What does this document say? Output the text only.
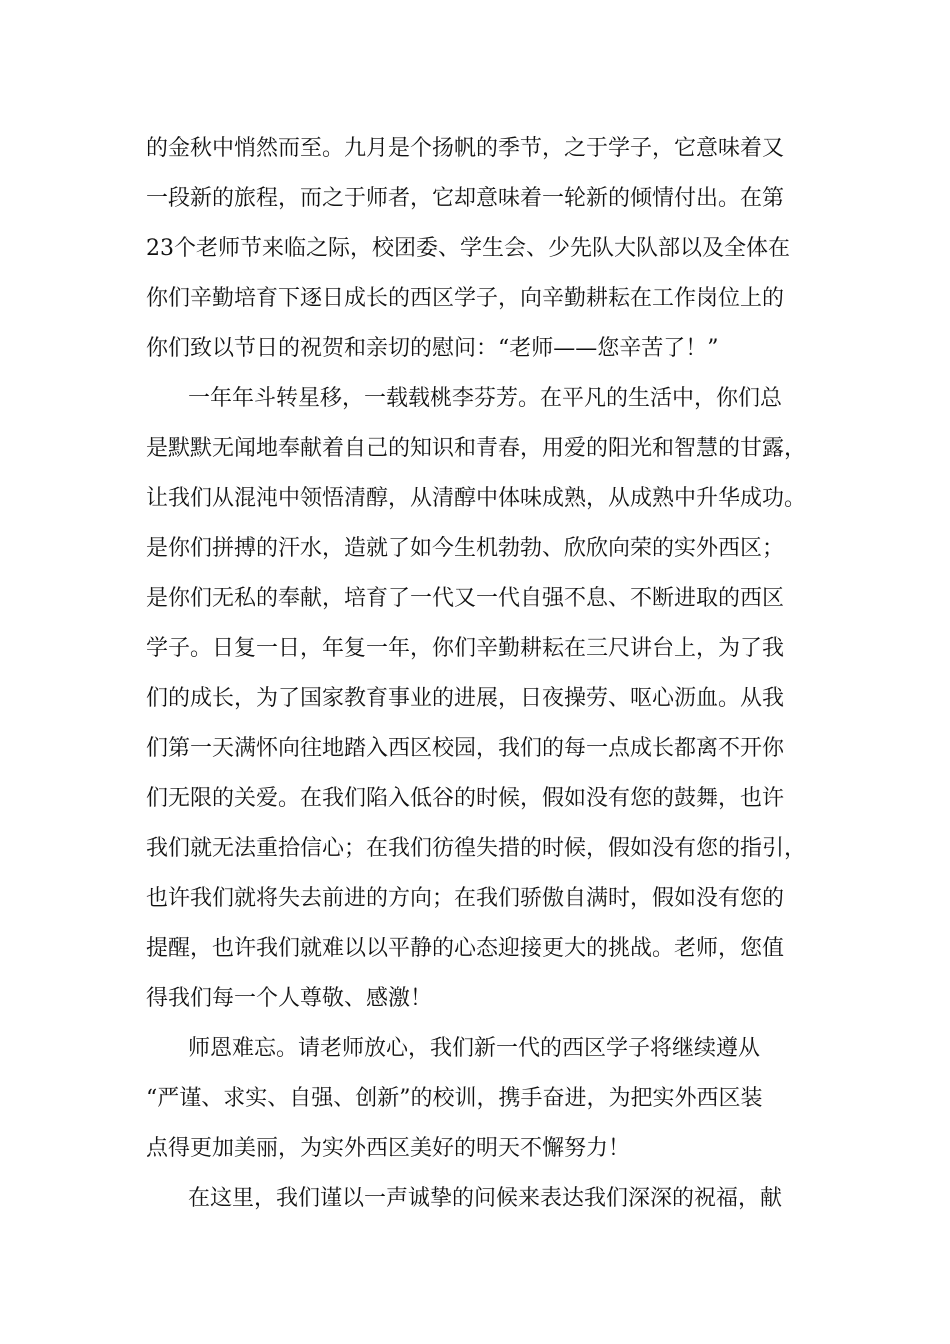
的金秋中悄然而至。九月是个扬帆的季节，之于学子，它意味着又
一段新的旅程，而之于师者，它却意味着一轮新的倾情付出。在第
23个老师节来临之际，校团委、学生会、少先队大队部以及全体在
你们辛勤培育下逐日成长的西区学子，向辛勤耕耘在工作岗位上的
你们致以节日的祝贺和亲切的慰问：“老师——您辛苦了！”
一年年斗转星移，一载载桃李芬芳。在平凡的生活中，你们总
是默默无闻地奉献着自己的知识和青春，用爱的阳光和智慧的甘露，
让我们从混沌中领悟清醇，从清醇中体味成熟，从成熟中升华成功。
是你们拼搏的汗水，造就了如今生机勃勃、欣欣向荣的实外西区；
是你们无私的奉献，培育了一代又一代自强不息、不断进取的西区
学子。日复一日，年复一年，你们辛勤耕耘在三尺讲台上，为了我
们的成长，为了国家教育事业的进展，日夜操劳、呕心沥血。从我
们第一天满怀向往地踏入西区校园，我们的每一点成长都离不开你
们无限的关爱。在我们陷入低谷的时候，假如没有您的鼓舞，也许
我们就无法重拾信心；在我们彷徨失措的时候，假如没有您的指引，
也许我们就将失去前进的方向；在我们骄傲自满时，假如没有您的
提醒，也许我们就难以以平静的心态迎接更大的挑战。老师，您值
得我们每一个人尊敬、感激！
师恩难忘。请老师放心，我们新一代的西区学子将继续遵从
“严谨、求实、自强、创新”的校训，携手奋进，为把实外西区装
点得更加美丽，为实外西区美好的明天不懈努力！
在这里，我们谨以一声诚挚的问候来表达我们深深的祝福，献
